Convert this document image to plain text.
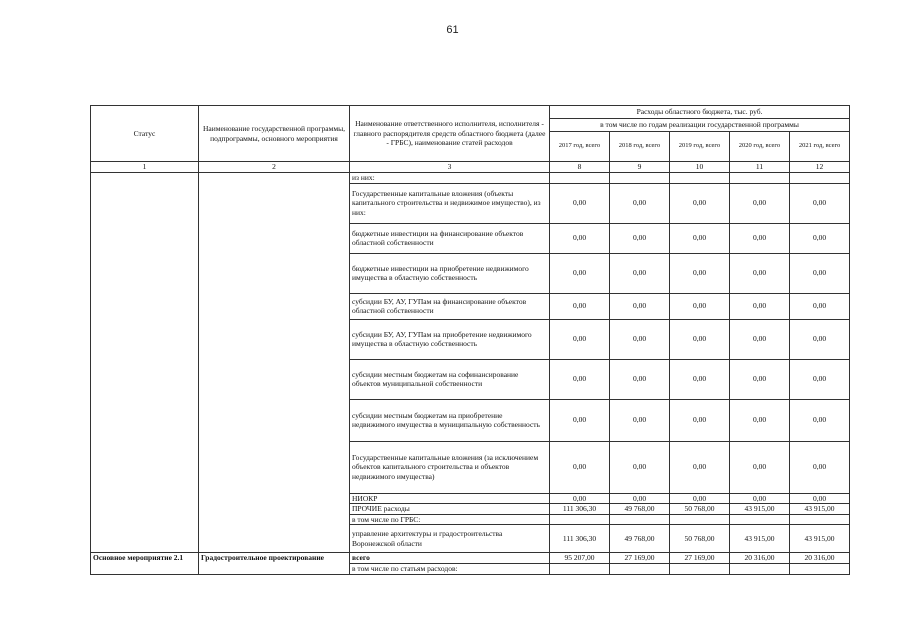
61
Статус	Наименование государственной программы, подпрограммы, основного мероприятия	Наименование ответственного исполнителя, исполнителя - главного распорядителя средств областного бюджета (далее - ГРБС), наименование статей расходов	Расходы областного бюджета, тыс. руб.				
			в том числе по годам реализации государственной программы				
			2017 год, всего	2018 год, всего	2019 год, всего	2020 год, всего	2021 год, всего
1	2	3	8	9	10	11	12
		из них:					
		Государственные капитальные вложения (объекты капитального строительства и недвижимое имущество), из них:	0,00	0,00	0,00	0,00	0,00
		бюджетные инвестиции на финансирование объектов областной собственности	0,00	0,00	0,00	0,00	0,00
		бюджетные инвестиции на приобретение недвижимого имущества в областную собственность	0,00	0,00	0,00	0,00	0,00
		субсидии БУ, АУ, ГУПам на финансирование объектов областной собственности	0,00	0,00	0,00	0,00	0,00
		субсидии БУ, АУ, ГУПам на приобретение недвижимого имущества в областную собственность	0,00	0,00	0,00	0,00	0,00
		субсидии местным бюджетам на софинансирование объектов муниципальной собственности	0,00	0,00	0,00	0,00	0,00
		субсидии местным бюджетам на приобретение недвижимого имущества в муниципальную собственность	0,00	0,00	0,00	0,00	0,00
		Государственные капитальные вложения (за исключением объектов капитального строительства и объектов недвижимого имущества)	0,00	0,00	0,00	0,00	0,00
		НИОКР	0,00	0,00	0,00	0,00	0,00
		ПРОЧИЕ расходы	111 306,30	49 768,00	50 768,00	43 915,00	43 915,00
		в том числе по ГРБС:					
		управление архитектуры и градостроительства Воронежской области	111 306,30	49 768,00	50 768,00	43 915,00	43 915,00
Основное мероприятие 2.1	Градостроительное проектирование	всего	95 207,00	27 169,00	27 169,00	20 316,00	20 316,00
		в том числе по статьям расходов:					
